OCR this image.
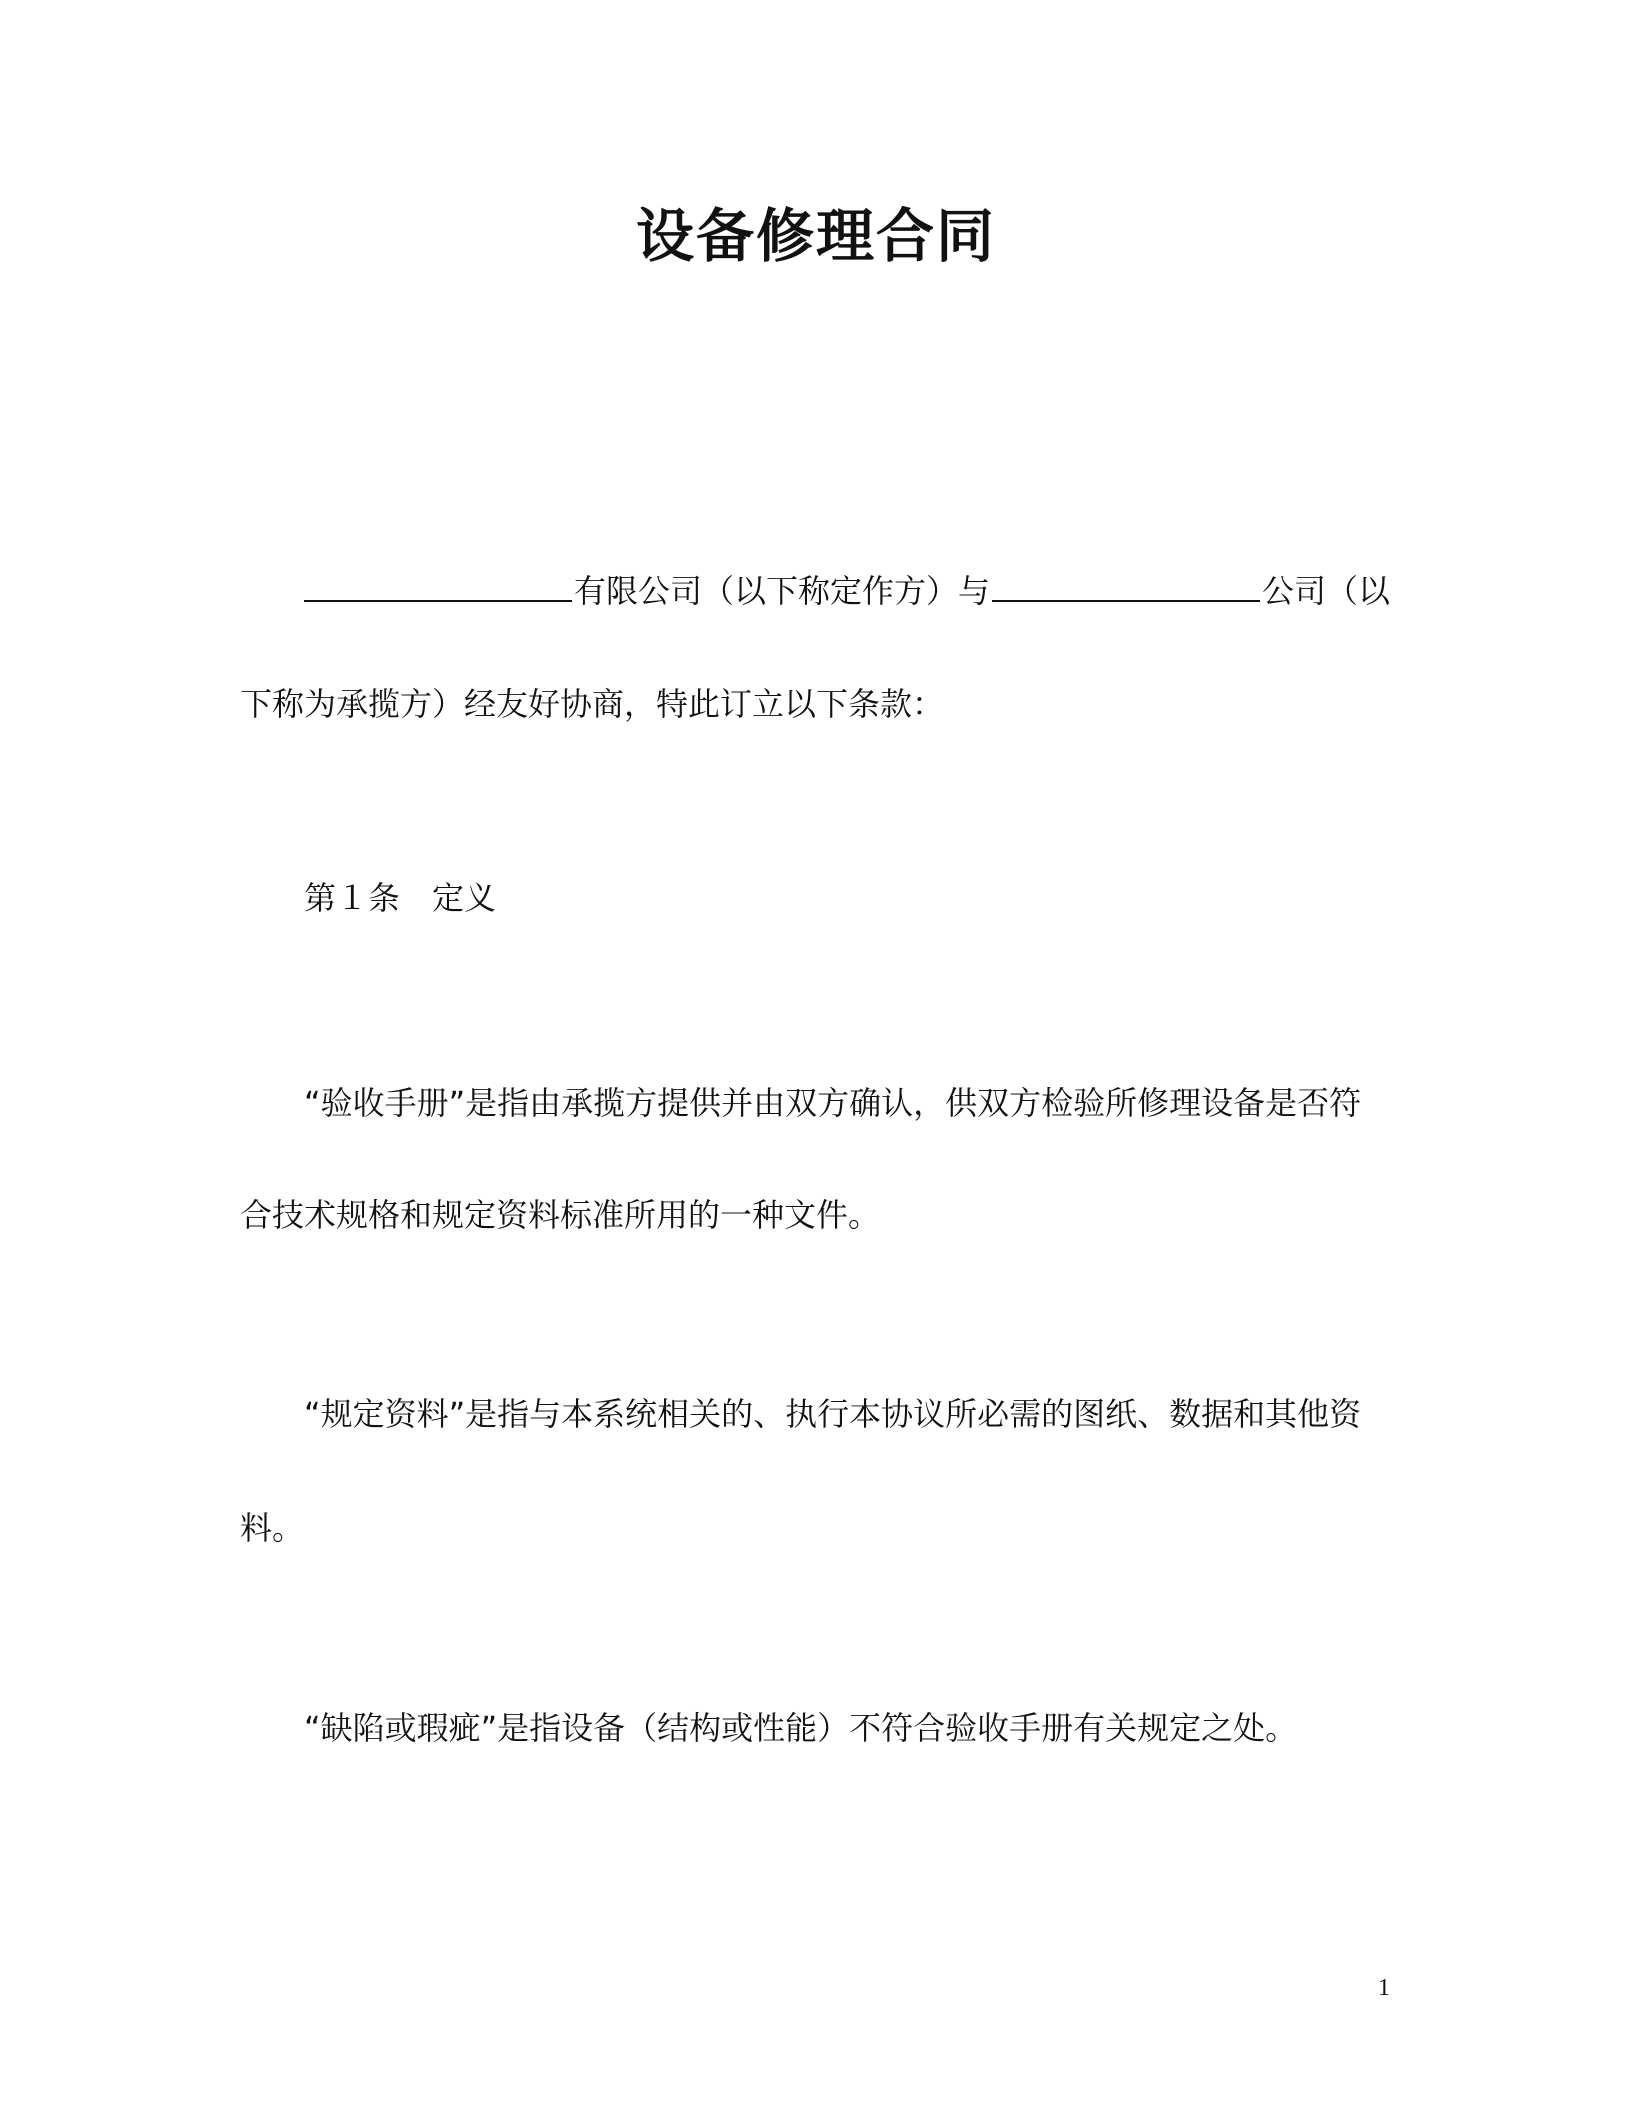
设备修理合同
有限公司（以下称定作方）与	公司（以
下称为承揽方）经友好协商，特此订立以下条款：
第１条　定义
“验收手册”是指由承揽方提供并由双方确认，供双方检验所修理设备是否符
合技术规格和规定资料标准所用的一种文件。
“规定资料”是指与本系统相关的、执行本协议所必需的图纸、数据和其他资
料。
“缺陷或瑕疵”是指设备（结构或性能）不符合验收手册有关规定之处。
1
